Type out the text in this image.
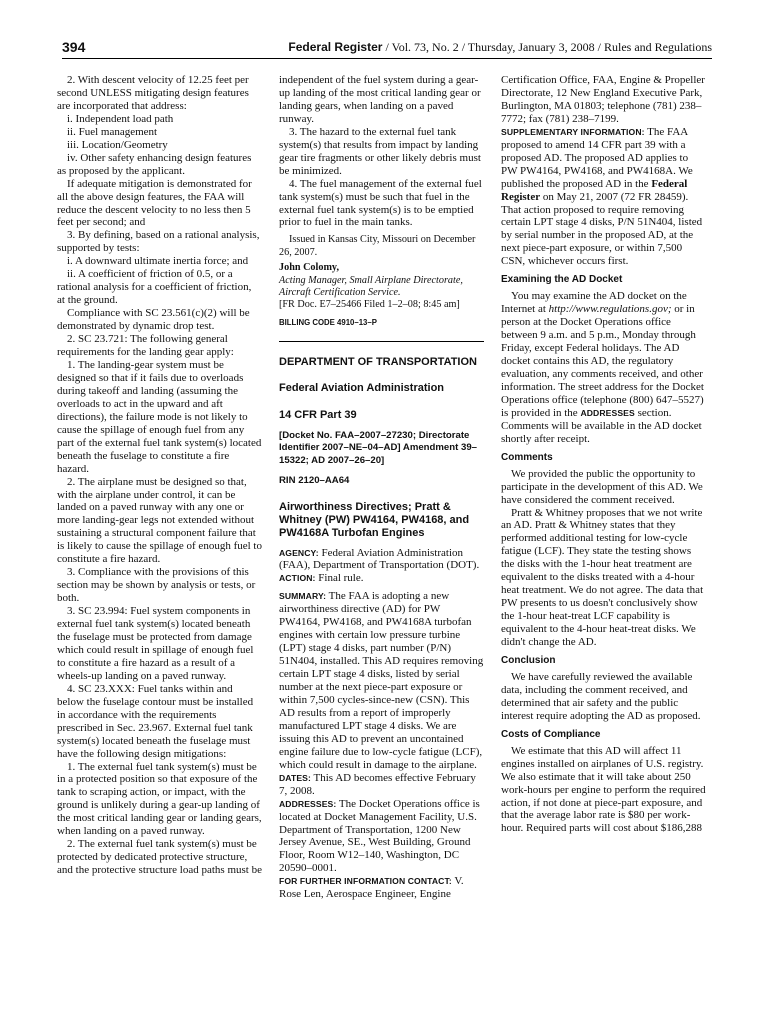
394	Federal Register / Vol. 73, No. 2 / Thursday, January 3, 2008 / Rules and Regulations

2. With descent velocity of 12.25 feet per second UNLESS mitigating design features are incorporated that address:

i. Independent load path

ii. Fuel management

iii. Location/Geometry

iv. Other safety enhancing design features as proposed by the applicant.

If adequate mitigation is demonstrated for all the above design features, the FAA will reduce the descent velocity to no less then 5 feet per second; and

3. By defining, based on a rational analysis, supported by tests:

i. A downward ultimate inertia force; and

ii. A coefficient of friction of 0.5, or a rational analysis for a coefficient of friction, at the ground.

Compliance with SC 23.561(c)(2) will be demonstrated by dynamic drop test.

2. SC 23.721: The following general requirements for the landing gear apply:

1. The landing-gear system must be designed so that if it fails due to overloads during takeoff and landing (assuming the overloads to act in the upward and aft directions), the failure mode is not likely to cause the spillage of enough fuel from any part of the external fuel tank system(s) located beneath the fuselage to constitute a fire hazard.

2. The airplane must be designed so that, with the airplane under control, it can be landed on a paved runway with any one or more landing-gear legs not extended without sustaining a structural component failure that is likely to cause the spillage of enough fuel to constitute a fire hazard.

3. Compliance with the provisions of this section may be shown by analysis or tests, or both.

3. SC 23.994: Fuel system components in external fuel tank system(s) located beneath the fuselage must be protected from damage which could result in spillage of enough fuel to constitute a fire hazard as a result of a wheels-up landing on a paved runway.

4. SC 23.XXX: Fuel tanks within and below the fuselage contour must be installed in accordance with the requirements prescribed in Sec. 23.967. External fuel tank system(s) located beneath the fuselage must have the following design mitigations:

1. The external fuel tank system(s) must be in a protected position so that exposure of the tank to scraping action, or impact, with the ground is unlikely during a gear-up landing of the most critical landing gear or landing gears, when landing on a paved runway.

2. The external fuel tank system(s) must be protected by dedicated protective structure, and the protective structure load paths must be

independent of the fuel system during a gear-up landing of the most critical landing gear or landing gears, when landing on a paved runway.

3. The hazard to the external fuel tank system(s) that results from impact by landing gear tire fragments or other likely debris must be minimized.

4. The fuel management of the external fuel tank system(s) must be such that fuel in the external fuel tank system(s) is to be emptied prior to fuel in the main tanks.

Issued in Kansas City, Missouri on December 26, 2007.

John Colomy,

Acting Manager, Small Airplane Directorate, Aircraft Certification Service.

[FR Doc. E7–25466 Filed 1–2–08; 8:45 am]

BILLING CODE 4910–13–P

DEPARTMENT OF TRANSPORTATION

Federal Aviation Administration

14 CFR Part 39

[Docket No. FAA–2007–27230; Directorate Identifier 2007–NE–04–AD] Amendment 39–15322; AD 2007–26–20]

RIN 2120–AA64

Airworthiness Directives; Pratt & Whitney (PW) PW4164, PW4168, and PW4168A Turbofan Engines

AGENCY: Federal Aviation Administration (FAA), Department of Transportation (DOT).

ACTION: Final rule.

SUMMARY: The FAA is adopting a new airworthiness directive (AD) for PW PW4164, PW4168, and PW4168A turbofan engines with certain low pressure turbine (LPT) stage 4 disks, part number (P/N) 51N404, installed. This AD requires removing certain LPT stage 4 disks, listed by serial number at the next piece-part exposure or within 7,500 cycles-since-new (CSN). This AD results from a report of improperly manufactured LPT stage 4 disks. We are issuing this AD to prevent an uncontained engine failure due to low-cycle fatigue (LCF), which could result in damage to the airplane.

DATES: This AD becomes effective February 7, 2008.

ADDRESSES: The Docket Operations office is located at Docket Management Facility, U.S. Department of Transportation, 1200 New Jersey Avenue, SE., West Building, Ground Floor, Room W12–140, Washington, DC 20590–0001.

FOR FURTHER INFORMATION CONTACT: V. Rose Len, Aerospace Engineer, Engine

Certification Office, FAA, Engine & Propeller Directorate, 12 New England Executive Park, Burlington, MA 01803; telephone (781) 238–7772; fax (781) 238–7199.

SUPPLEMENTARY INFORMATION: The FAA proposed to amend 14 CFR part 39 with a proposed AD. The proposed AD applies to PW PW4164, PW4168, and PW4168A. We published the proposed AD in the Federal Register on May 21, 2007 (72 FR 28459). That action proposed to require removing certain LPT stage 4 disks, P/N 51N404, listed by serial number in the proposed AD, at the next piece-part exposure, or within 7,500 CSN, whichever occurs first.

Examining the AD Docket

You may examine the AD docket on the Internet at http://www.regulations.gov; or in person at the Docket Operations office between 9 a.m. and 5 p.m., Monday through Friday, except Federal holidays. The AD docket contains this AD, the regulatory evaluation, any comments received, and other information. The street address for the Docket Operations office (telephone (800) 647–5527) is provided in the ADDRESSES section. Comments will be available in the AD docket shortly after receipt.

Comments

We provided the public the opportunity to participate in the development of this AD. We have considered the comment received.

Pratt & Whitney proposes that we not write an AD. Pratt & Whitney states that they performed additional testing for low-cycle fatigue (LCF). They state the testing shows the disks with the 1-hour heat treatment are equivalent to the disks treated with a 4-hour heat treatment. We do not agree. The data that PW presents to us doesn't conclusively show the 1-hour heat-treat LCF capability is equivalent to the 4-hour heat-treat disks. We didn't change the AD.

Conclusion

We have carefully reviewed the available data, including the comment received, and determined that air safety and the public interest require adopting the AD as proposed.

Costs of Compliance

We estimate that this AD will affect 11 engines installed on airplanes of U.S. registry. We also estimate that it will take about 250 work-hours per engine to perform the required action, if not done at piece-part exposure, and that the average labor rate is $80 per work-hour. Required parts will cost about $186,288
